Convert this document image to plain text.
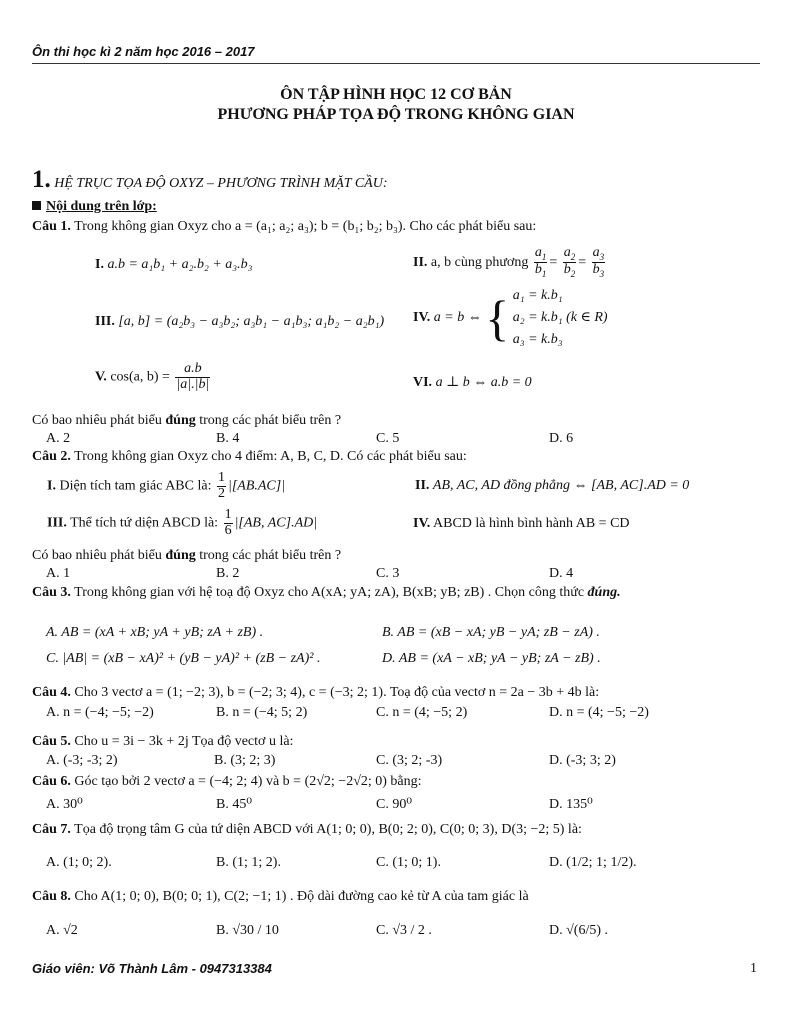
Ôn thi học kì 2 năm học 2016 – 2017
ÔN TẬP HÌNH HỌC 12 CƠ BẢN
PHƯƠNG PHÁP TỌA ĐỘ TRONG KHÔNG GIAN
1. HỆ TRỤC TỌA ĐỘ OXYZ – PHƯƠNG TRÌNH MẶT CẦU:
Nội dung trên lớp:
Câu 1. Trong không gian Oxyz cho a = (a₁; a₂; a₃); b = (b₁; b₂; b₃). Cho các phát biểu sau:
I. a.b = a₁b₁ + a₂.b₂ + a₃.b₃	II. a, b cùng phương $\frac{a_1}{b_1} = \frac{a_2}{b_2} = \frac{a_3}{b_3}$
III. [a, b] = (a₂b₃ − a₃b₂; a₃b₁ − a₁b₃; a₁b₂ − a₂b₁) IV. a = b ⇔ { a₁ = k.b₁
a₂ = k.b₁ (k ∈ R)
a₃ = k.b₃
V. cos(a, $b) = \frac{a.b}{|a|.|b|}$	VI. a ⊥ b ⇔ a.b = 0
Có bao nhiêu phát biểu đúng trong các phát biểu trên ?
A. 2	B. 4	C. 5	D. 6
Câu 2. Trong không gian Oxyz cho 4 điểm: A, B, C, D. Có các phát biểu sau:
I. Diện tích tam giác ABC là: $\frac{1}{2} |[AB.AC]|$	II. AB, AC, AD đồng phẳng ⇔ [AB, AC].AD = 0
III. Thể tích tứ diện ABCD là: $\frac{1}{6} |[AB$, AC].AD|	IV. ABCD là hình bình hành AB = CD
Có bao nhiêu phát biểu đúng trong các phát biểu trên ?
A. 1	B. 2	C. 3	D. 4
Câu 3. Trong không gian với hệ toạ độ Oxyz cho A(xA; yA; zA), B(xB; yB; zB) . Chọn công thức đúng.
A. AB = (xA + xB; yA + yB; zA + zB) .	B. AB = (xB − xA; yB − yA; zB − zA) .
C. |AB| = (xB − xA)² + (yB − yA)² + (zB − zA)² .	D. AB = (xA − xB; yA − yB; zA − zB) .
Câu 4. Cho 3 vectơ a = (1; −2; 3), b = (−2; 3; 4), c = (−3; 2; 1). Toạ độ của vectơ n = 2a − 3b + 4b là:
A. n = (−4; −5; −2)	B. n = (−4; 5; 2)	C. n = (4; −5; 2)	D. n = (4; −5; −2)
Câu 5. Cho u = 3i − 3k + 2j Tọa độ vectơ u là:
A. (-3; -3; 2)	B. (3; 2; 3)	C. (3; 2; -3)	D. (-3; 3; 2)
Câu 6. Góc tạo bởi 2 vectơ a = (−4; 2; 4) và b = (2√2; −2√2; 0) bằng:
A. 30⁰	B. 45⁰	C. 90⁰	D. 135⁰
Câu 7. Tọa độ trọng tâm G của tứ diện ABCD với A(1; 0; 0), B(0; 2; 0), C(0; 0; 3), D(3; −2; 5) là:
A. (1; 0; 2).	B. (1; 1; 2).	C. (1; 0; 1).	D. (1/2; 1; 1/2).
Câu 8. Cho A(1; 0; 0), B(0; 0; 1), C(2; −1; 1) . Độ dài đường cao kẻ từ A của tam giác là
A. √2	B. √30 / 10	C. √3 / 2 .	D. √(6/5) .
Giáo viên: Võ Thành Lâm - 0947313384	1
